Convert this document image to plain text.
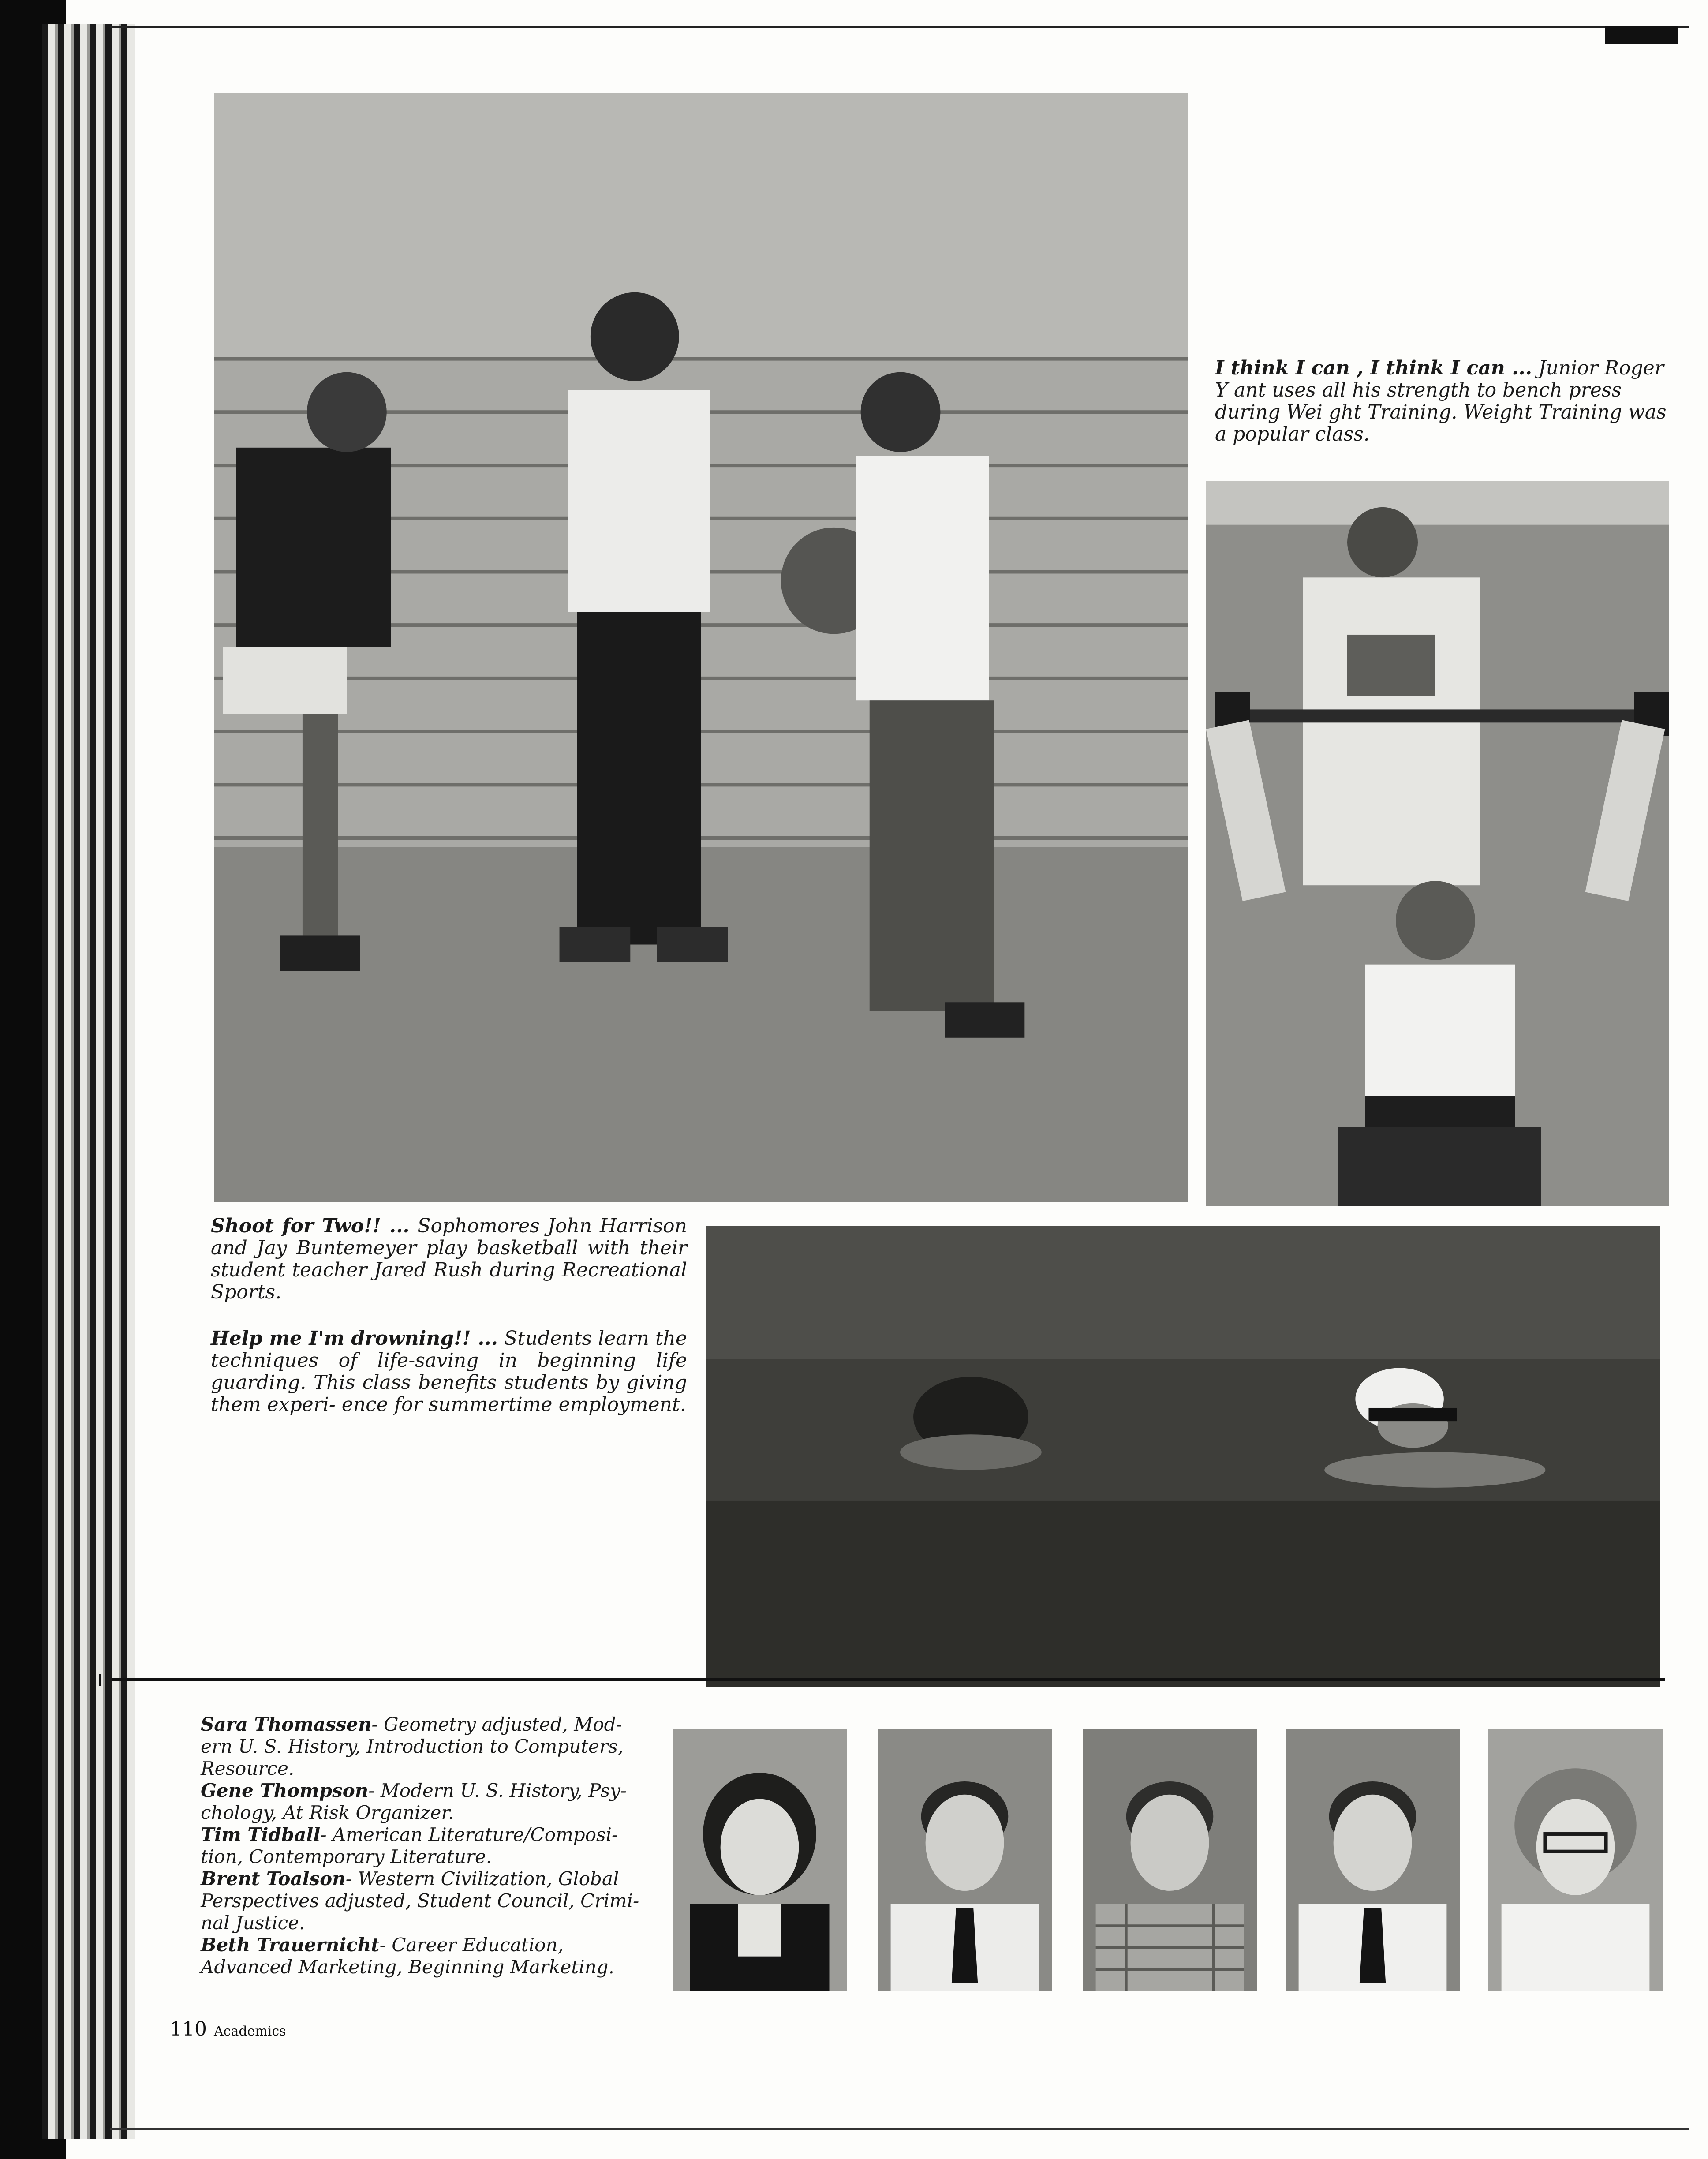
I think I can , I think I can ... Junior Roger Y ant uses all his strength to bench press during Wei ght Training. Weight Training was a popular class.
Shoot for Two!! ... Sophomores John Harrison and Jay Buntemeyer play basketball with their student teacher Jared Rush during Recreational Sports.
Help me I'm drowning!! ... Students learn the techniques of life-saving in beginning life guarding. This class benefits students by giving them experi- ence for summertime employment.
Sara Thomassen- Geometry adjusted, Mod- ern U. S. History, Introduction to Computers, Resource.
Gene Thompson- Modern U. S. History, Psy- chology, At Risk Organizer.
Tim Tidball- American Literature/Composi- tion, Contemporary Literature.
Brent Toalson- Western Civilization, Global Perspectives adjusted, Student Council, Crimi- nal Justice.
Beth Trauernicht- Career Education, Advanced Marketing, Beginning Marketing.
110 Academics
